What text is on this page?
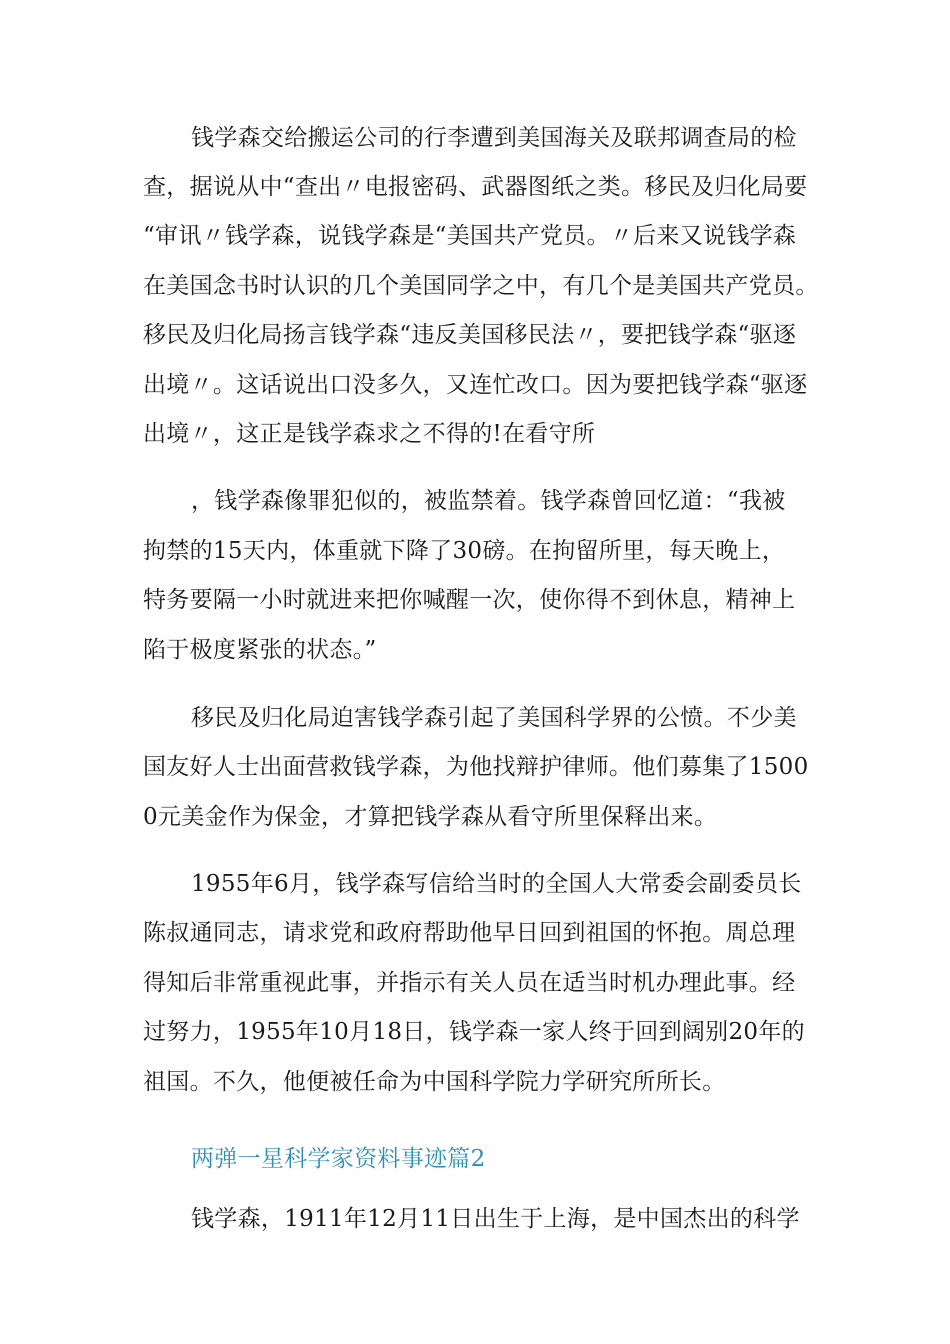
钱学森交给搬运公司的行李遭到美国海关及联邦调查局的检
查，据说从中“查出〃电报密码、武器图纸之类。移民及归化局要
“审讯〃钱学森，说钱学森是“美国共产党员。〃后来又说钱学森
在美国念书时认识的几个美国同学之中，有几个是美国共产党员。
移民及归化局扬言钱学森“违反美国移民法〃，要把钱学森“驱逐
出境〃。这话说出口没多久，又连忙改口。因为要把钱学森“驱逐
出境〃，这正是钱学森求之不得的!在看守所
，钱学森像罪犯似的，被监禁着。钱学森曾回忆道：“我被
拘禁的15天内，体重就下降了30磅。在拘留所里，每天晚上，
特务要隔一小时就进来把你喊醒一次，使你得不到休息，精神上
陷于极度紧张的状态。”
移民及归化局迫害钱学森引起了美国科学界的公愤。不少美
国友好人士出面营救钱学森，为他找辩护律师。他们募集了1500
0元美金作为保金，才算把钱学森从看守所里保释出来。
1955年6月，钱学森写信给当时的全国人大常委会副委员长
陈叔通同志，请求党和政府帮助他早日回到祖国的怀抱。周总理
得知后非常重视此事，并指示有关人员在适当时机办理此事。经
过努力，1955年10月18日，钱学森一家人终于回到阔别20年的
祖国。不久，他便被任命为中国科学院力学研究所所长。
两弹一星科学家资料事迹篇2
钱学森，1911年12月11日出生于上海，是中国杰出的科学
